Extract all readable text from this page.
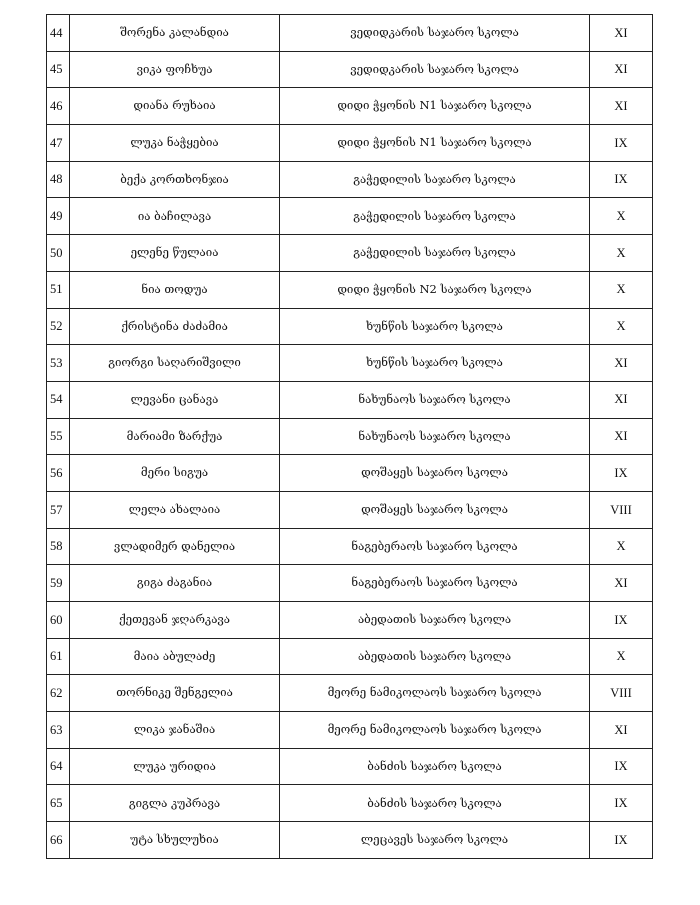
44	შორენა კალანდია	ვედიდკარის საჯარო სკოლა	XI
45	ვიკა ფოჩხუა	ვედიდკარის საჯარო სკოლა	XI
46	დიანა რუხაია	დიდი ჭყონის N1 საჯარო სკოლა	XI
47	ლუკა ნაჭყებია	დიდი ჭყონის N1 საჯარო სკოლა	IX
48	ბექა კორთხონჯია	გაჭედილის საჯარო სკოლა	IX
49	ია ბაჩილავა	გაჭედილის საჯარო სკოლა	X
50	ელენე წულაია	გაჭედილის საჯარო სკოლა	X
51	ნია თოდუა	დიდი ჭყონის N2 საჯარო სკოლა	X
52	ქრისტინა ძაძამია	ხუნწის საჯარო სკოლა	X
53	გიორგი საღარიშვილი	ხუნწის საჯარო სკოლა	XI
54	ლევანი ცანავა	ნახუნაოს საჯარო სკოლა	XI
55	მარიამი ზარქუა	ნახუნაოს საჯარო სკოლა	XI
56	მერი სიგუა	დოშაყეს საჯარო სკოლა	IX
57	ლელა ახალაია	დოშაყეს საჯარო სკოლა	VIII
58	ვლადიმერ დანელია	ნაგებერაოს საჯარო სკოლა	X
59	გიგა ძაგანია	ნაგებერაოს საჯარო სკოლა	XI
60	ქეთევან ჯღარკავა	აბედათის საჯარო სკოლა	IX
61	მაია აბულაძე	აბედათის საჯარო სკოლა	X
62	თორნიკე შენგელია	მეორე ნამიკოლაოს საჯარო სკოლა	VIII
63	ლიკა ჯანაშია	მეორე ნამიკოლაოს საჯარო სკოლა	XI
64	ლუკა ურიდია	ბანძის საჯარო სკოლა	IX
65	გიგლა კუპრავა	ბანძის საჯარო სკოლა	IX
66	უტა სხულუხია	ლეცავეს საჯარო სკოლა	IX
